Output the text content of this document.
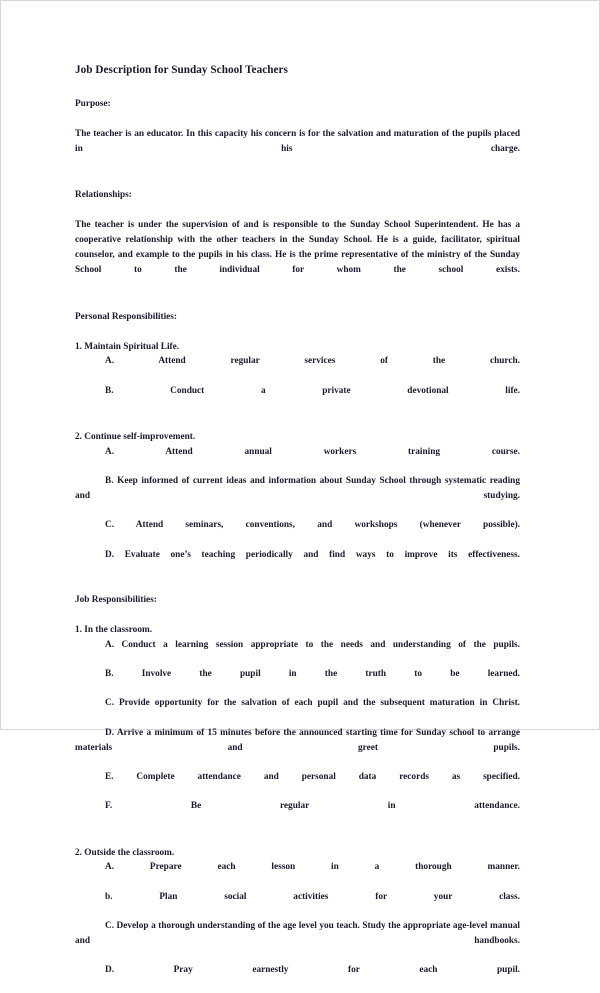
Job Description for Sunday School Teachers

Purpose:

The teacher is an educator. In this capacity his concern is for the salvation and maturation of the pupils placed in his charge.

Relationships:

The teacher is under the supervision of and is responsible to the Sunday School Superintendent. He has a cooperative relationship with the other teachers in the Sunday School. He is a guide, facilitator, spiritual counselor, and example to the pupils in his class. He is the prime representative of the ministry of the Sunday School to the individual for whom the school exists.

Personal Responsibilities:

1. Maintain Spiritual Life.

A. Attend regular services of the church.

B. Conduct a private devotional life.

2. Continue self-improvement.

A. Attend annual workers training course.

B. Keep informed of current ideas and information about Sunday School through systematic reading and studying.

C. Attend seminars, conventions, and workshops (whenever possible).

D. Evaluate one’s teaching periodically and find ways to improve its effectiveness.

Job Responsibilities:

1. In the classroom.

A. Conduct a learning session appropriate to the needs and understanding of the pupils.

B. Involve the pupil in the truth to be learned.

C. Provide opportunity for the salvation of each pupil and the subsequent maturation in Christ.

D. Arrive a minimum of 15 minutes before the announced starting time for Sunday school to arrange materials and greet pupils.

E. Complete attendance and personal data records as specified.

F. Be regular in attendance.

2. Outside the classroom.

A. Prepare each lesson in a thorough manner.

b. Plan social activities for your class.

C. Develop a thorough understanding of the age level you teach. Study the appropriate age-level manual and handbooks.

D. Pray earnestly for each pupil.
